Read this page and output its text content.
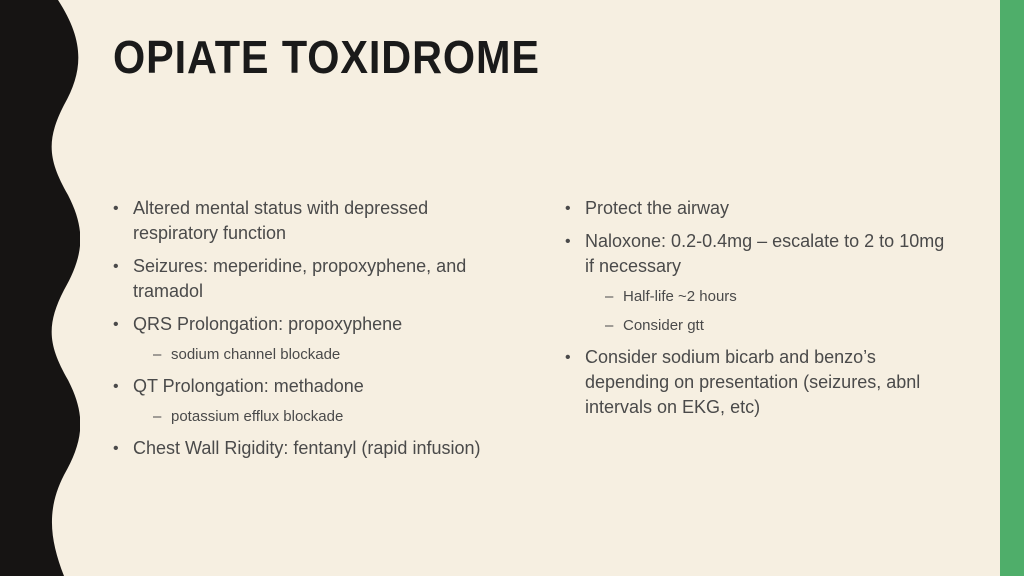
OPIATE TOXIDROME
• Altered mental status with depressed respiratory function
• Seizures: meperidine, propoxyphene, and tramadol
• QRS Prolongation: propoxyphene
– sodium channel blockade
• QT Prolongation: methadone
– potassium efflux blockade
• Chest Wall Rigidity: fentanyl (rapid infusion)
• Protect the airway
• Naloxone: 0.2-0.4mg – escalate to 2 to 10mg if necessary
– Half-life ~2 hours
– Consider gtt
• Consider sodium bicarb and benzo’s depending on presentation (seizures, abnl intervals on EKG, etc)
